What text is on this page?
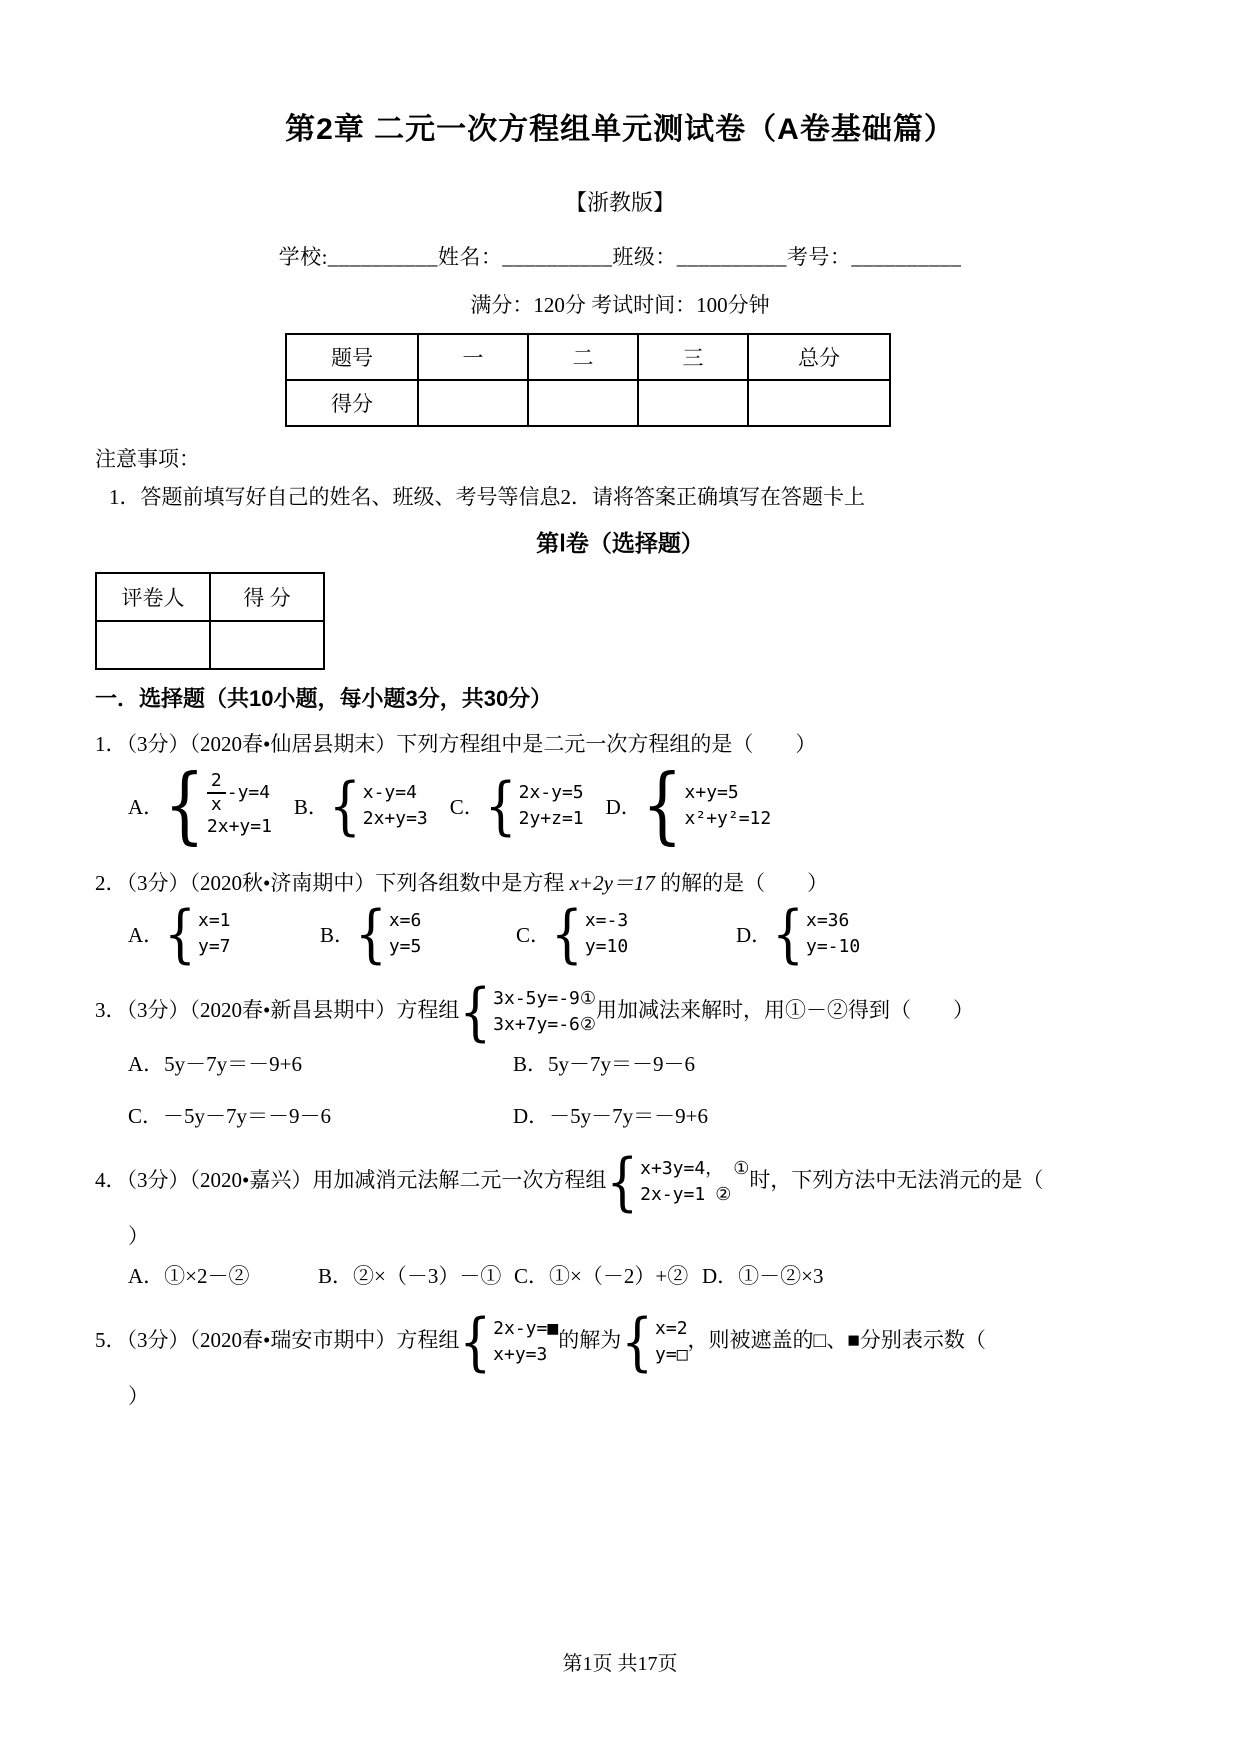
第2章 二元一次方程组单元测试卷（A卷基础篇）
【浙教版】
学校:__________姓名：__________班级：__________考号：__________
满分：120分 考试时间：100分钟
题号	一	二	三	总分
得分				
注意事项：
1．答题前填写好自己的姓名、班级、考号等信息2．请将答案正确填写在答题卡上
第Ⅰ卷（选择题）
评卷人	得 分

一．选择题（共10小题，每小题3分，共30分）
1．（3分）（2020春•仙居县期末）下列方程组中是二元一次方程组的是（　　）
A． { $\frac{2}{x} -y=4$
2x+y=1
B． { x-y=4
2x+y=3 C． { 2x-y=5
2y+z=1 D． { x+y=5
x²+y²=12
2．（3分）（2020秋•济南期中）下列各组数中是方程 x+2y＝17 的解的是（　　）
A． { x=1
y=7	B． { x=6
y=5	C． { x=-3
y=10	D． { x=36
y=-10
3．（3分）（2020春•新昌县期中）方程组 { 3x-5y=-9①
3x+7y=-6②
用加减法来解时，用①－②得到（　　）
A．5y－7y＝－9+6	B．5y－7y＝－9－6
C．－5y－7y＝－9－6	D．－5y－7y＝－9+6
4．（3分）（2020•嘉兴）用加减消元法解二元一次方程组 { x+3y=4， ①
2x-y=1 ②
时，下列方法中无法消元的是（
）
A．①×2－②	B．②×（－3）－① C．①×（－2）+② D．①－②×3
5．（3分）（2020春•瑞安市期中）方程组 { 2x-y=■
x+y=3
的解为 { x=2
y=□
，则被遮盖的□、■分别表示数（
）
第1页 共17页
